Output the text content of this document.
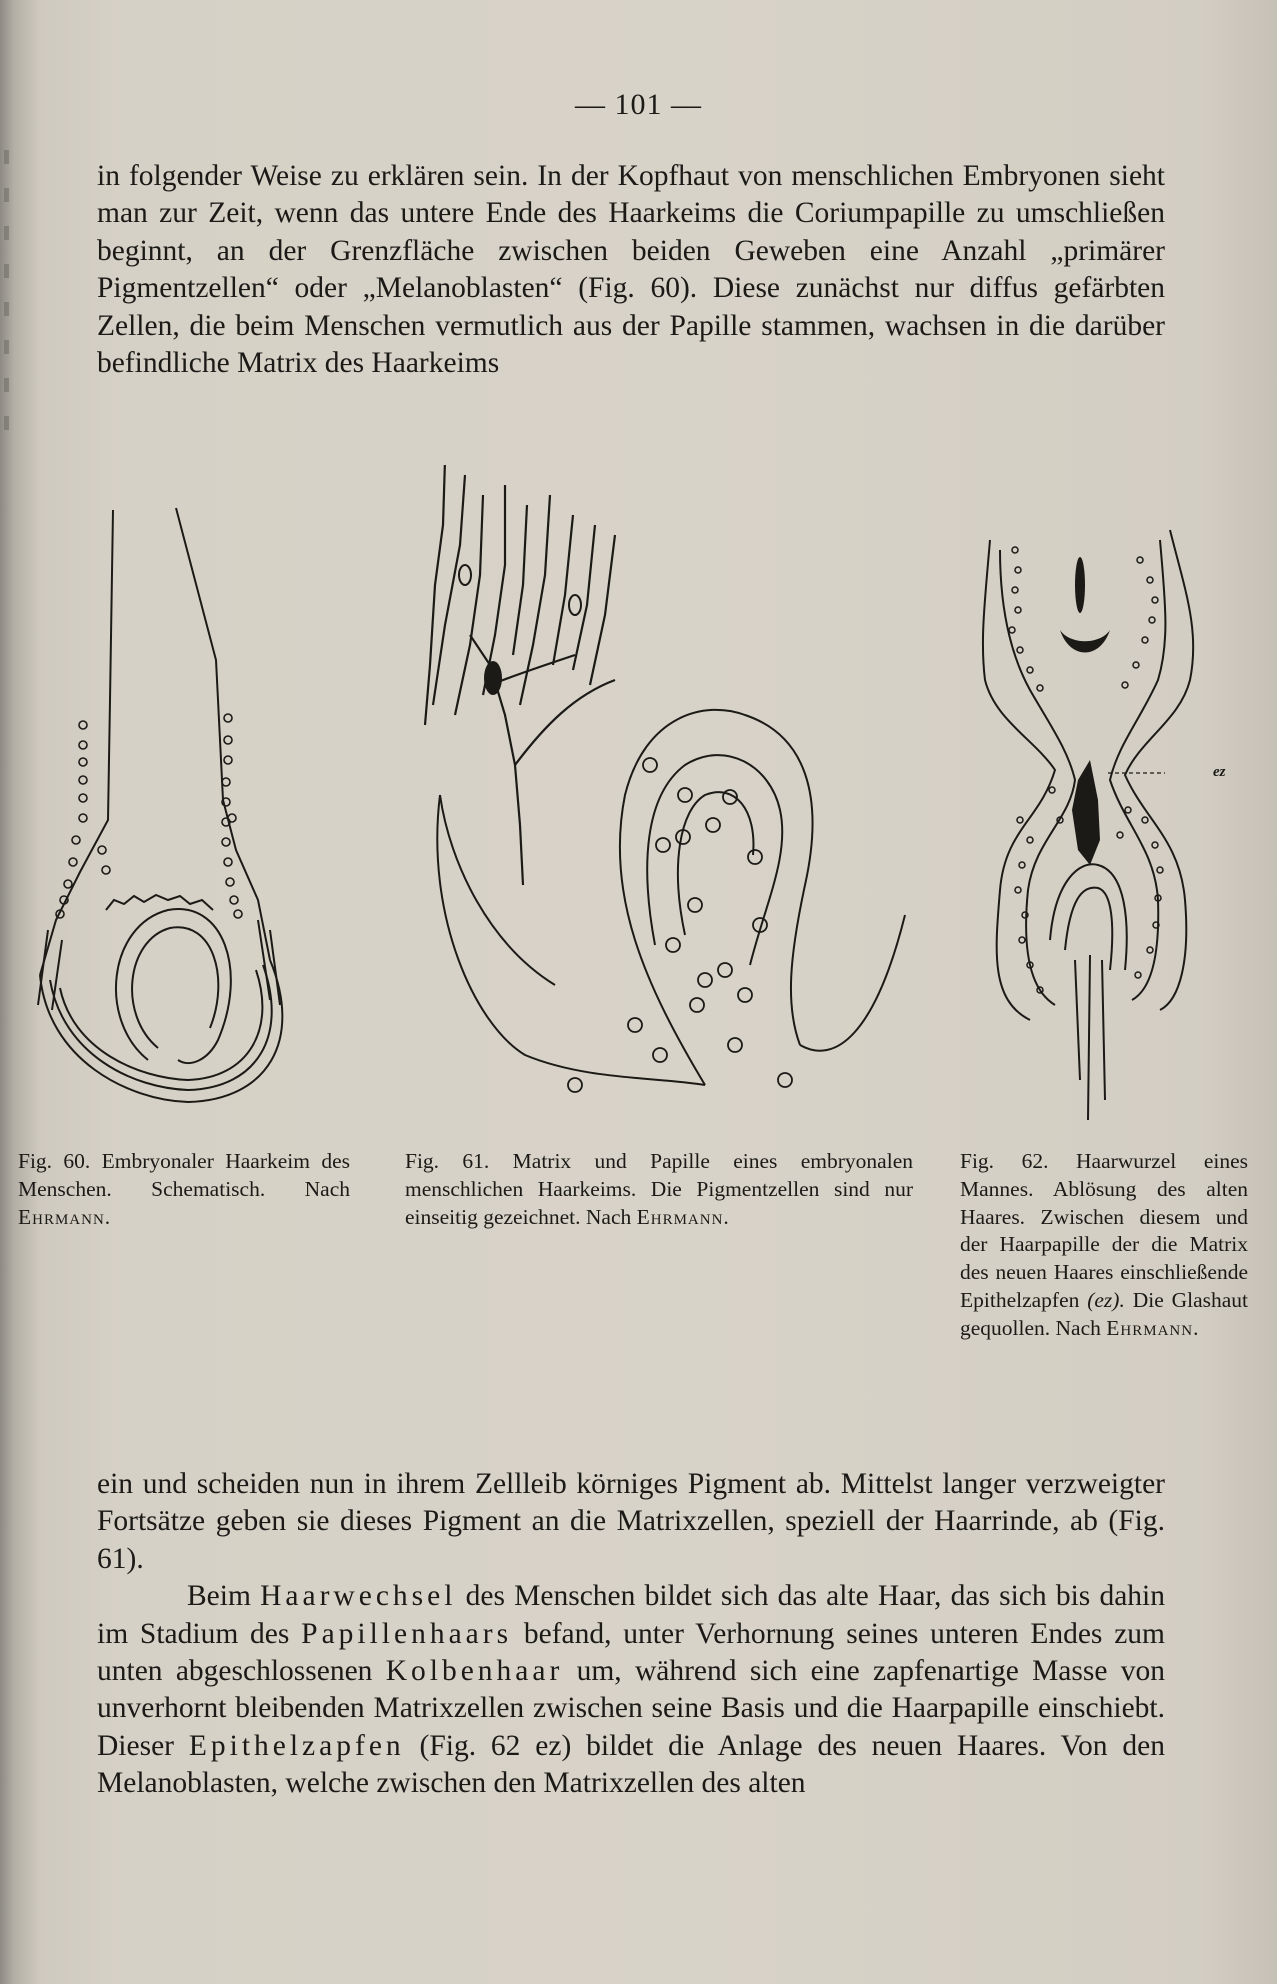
— 101 —

in folgender Weise zu erklären sein. In der Kopfhaut von menschlichen Embryonen sieht man zur Zeit, wenn das untere Ende des Haarkeims die Coriumpapille zu umschließen beginnt, an der Grenzfläche zwischen beiden Geweben eine Anzahl „primärer Pigmentzellen“ oder „Melanoblasten“ (Fig. 60). Diese zunächst nur diffus gefärbten Zellen, die beim Menschen vermutlich aus der Papille stammen, wachsen in die darüber befindliche Matrix des Haarkeims

ez
Fig. 60. Embryonaler Haarkeim des Menschen. Schematisch. Nach Ehrmann.
Fig. 61. Matrix und Papille eines embryonalen menschlichen Haarkeims. Die Pigmentzellen sind nur einseitig gezeichnet. Nach Ehrmann.
Fig. 62. Haarwurzel eines Mannes. Ablösung des alten Haares. Zwischen diesem und der Haarpapille der die Matrix des neuen Haares einschließende Epithelzapfen (ez). Die Glashaut gequollen. Nach Ehrmann.

ein und scheiden nun in ihrem Zellleib körniges Pigment ab. Mittelst langer verzweigter Fortsätze geben sie dieses Pigment an die Matrixzellen, speziell der Haarrinde, ab (Fig. 61).

Beim Haarwechsel des Menschen bildet sich das alte Haar, das sich bis dahin im Stadium des Papillenhaars befand, unter Verhornung seines unteren Endes zum unten abgeschlossenen Kolbenhaar um, während sich eine zapfenartige Masse von unverhornt bleibenden Matrixzellen zwischen seine Basis und die Haarpapille einschiebt. Dieser Epithelzapfen (Fig. 62 ez) bildet die Anlage des neuen Haares. Von den Melanoblasten, welche zwischen den Matrixzellen des alten
